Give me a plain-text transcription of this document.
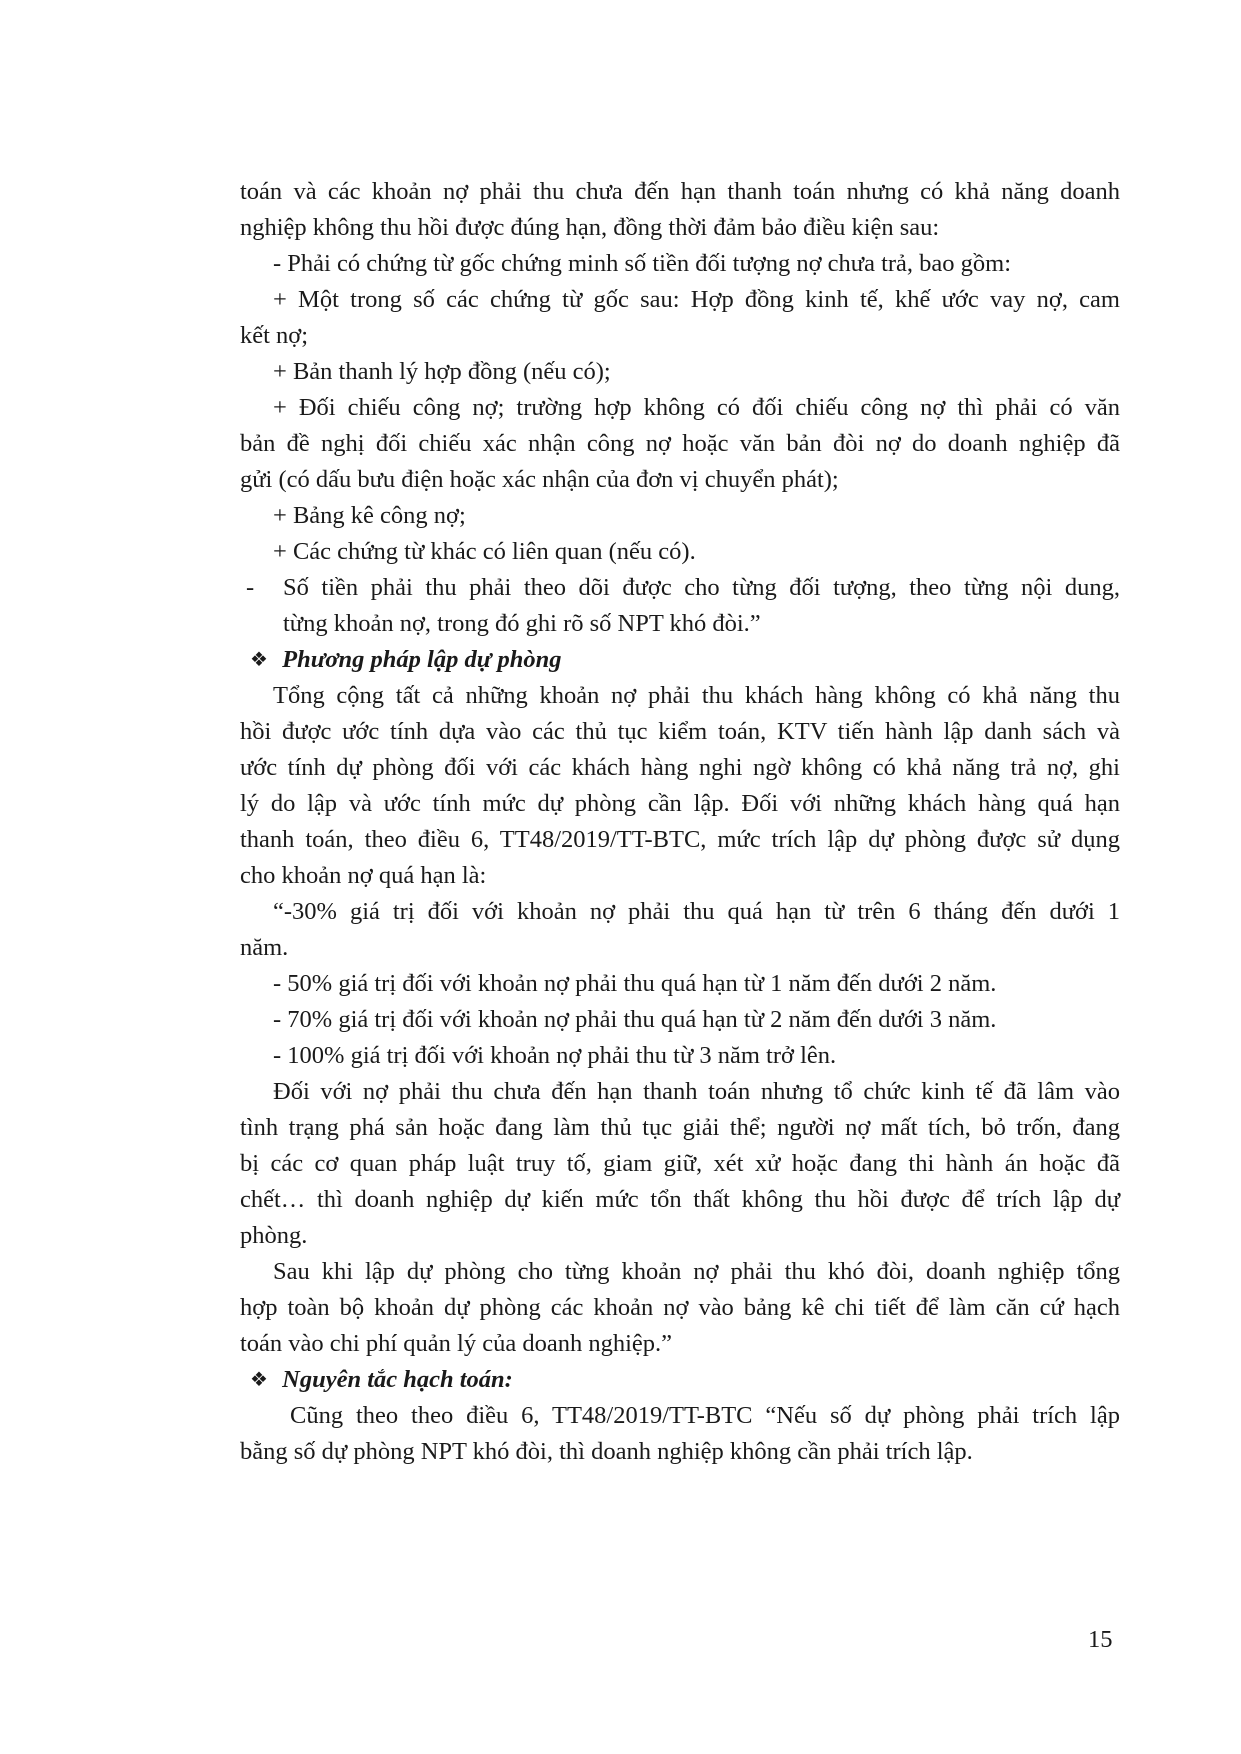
toán và các khoản nợ phải thu chưa đến hạn thanh toán nhưng có khả năng doanh
nghiệp không thu hồi được đúng hạn, đồng thời đảm bảo điều kiện sau:
- Phải có chứng từ gốc chứng minh số tiền đối tượng nợ chưa trả, bao gồm:
+ Một trong số các chứng từ gốc sau: Hợp đồng kinh tế, khế ước vay nợ, cam
kết nợ;
+ Bản thanh lý hợp đồng (nếu có);
+ Đối chiếu công nợ; trường hợp không có đối chiếu công nợ thì phải có văn
bản đề nghị đối chiếu xác nhận công nợ hoặc văn bản đòi nợ do doanh nghiệp đã
gửi (có dấu bưu điện hoặc xác nhận của đơn vị chuyển phát);
+ Bảng kê công nợ;
+ Các chứng từ khác có liên quan (nếu có).
- Số tiền phải thu phải theo dõi được cho từng đối tượng, theo từng nội dung,
từng khoản nợ, trong đó ghi rõ số NPT khó đòi.”
❖ Phương pháp lập dự phòng
Tổng cộng tất cả những khoản nợ phải thu khách hàng không có khả năng thu
hồi được ước tính dựa vào các thủ tục kiểm toán, KTV tiến hành lập danh sách và
ước tính dự phòng đối với các khách hàng nghi ngờ không có khả năng trả nợ, ghi
lý do lập và ước tính mức dự phòng cần lập. Đối với những khách hàng quá hạn
thanh toán, theo điều 6, TT48/2019/TT-BTC, mức trích lập dự phòng được sử dụng
cho khoản nợ quá hạn là:
“-30% giá trị đối với khoản nợ phải thu quá hạn từ trên 6 tháng đến dưới 1
năm.
- 50% giá trị đối với khoản nợ phải thu quá hạn từ 1 năm đến dưới 2 năm.
- 70% giá trị đối với khoản nợ phải thu quá hạn từ 2 năm đến dưới 3 năm.
- 100% giá trị đối với khoản nợ phải thu từ 3 năm trở lên.
Đối với nợ phải thu chưa đến hạn thanh toán nhưng tổ chức kinh tế đã lâm vào
tình trạng phá sản hoặc đang làm thủ tục giải thể; người nợ mất tích, bỏ trốn, đang
bị các cơ quan pháp luật truy tố, giam giữ, xét xử hoặc đang thi hành án hoặc đã
chết… thì doanh nghiệp dự kiến mức tổn thất không thu hồi được để trích lập dự
phòng.
Sau khi lập dự phòng cho từng khoản nợ phải thu khó đòi, doanh nghiệp tổng
hợp toàn bộ khoản dự phòng các khoản nợ vào bảng kê chi tiết để làm căn cứ hạch
toán vào chi phí quản lý của doanh nghiệp.”
❖ Nguyên tắc hạch toán:
Cũng theo theo điều 6, TT48/2019/TT-BTC “Nếu số dự phòng phải trích lập
bằng số dự phòng NPT khó đòi, thì doanh nghiệp không cần phải trích lập.
15
